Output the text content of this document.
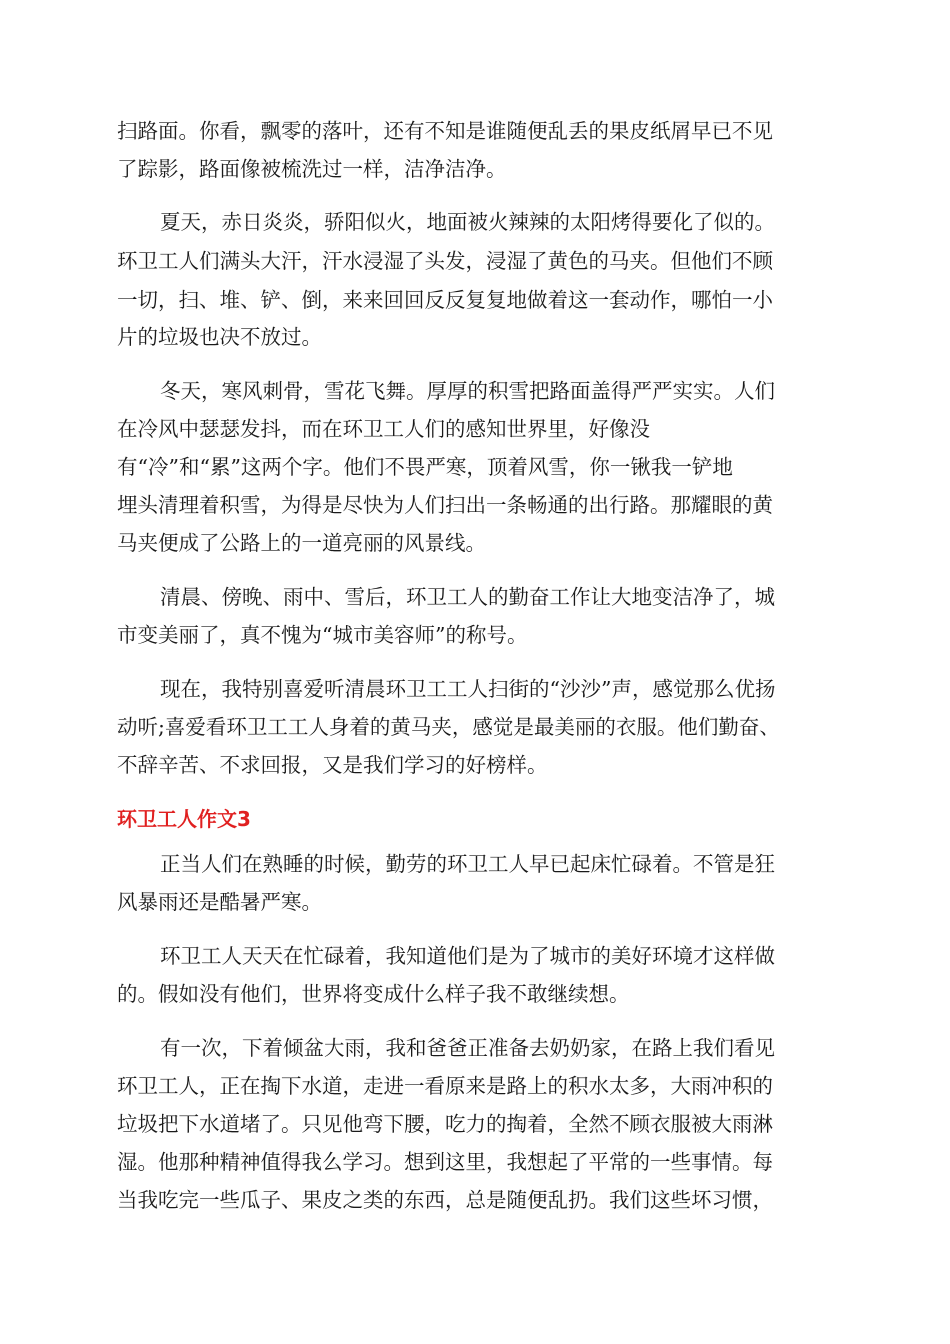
扫路面。你看，飘零的落叶，还有不知是谁随便乱丢的果皮纸屑早已不见
了踪影，路面像被梳洗过一样，洁净洁净。
夏天，赤日炎炎，骄阳似火，地面被火辣辣的太阳烤得要化了似的。
环卫工人们满头大汗，汗水浸湿了头发，浸湿了黄色的马夹。但他们不顾
一切，扫、堆、铲、倒，来来回回反反复复地做着这一套动作，哪怕一小
片的垃圾也决不放过。
冬天，寒风刺骨，雪花飞舞。厚厚的积雪把路面盖得严严实实。人们
在冷风中瑟瑟发抖，而在环卫工人们的感知世界里，好像没
有“冷”和“累”这两个字。他们不畏严寒，顶着风雪，你一锹我一铲地
埋头清理着积雪，为得是尽快为人们扫出一条畅通的出行路。那耀眼的黄
马夹便成了公路上的一道亮丽的风景线。
清晨、傍晚、雨中、雪后，环卫工人的勤奋工作让大地变洁净了，城
市变美丽了，真不愧为“城市美容师”的称号。
现在，我特别喜爱听清晨环卫工工人扫街的“沙沙”声，感觉那么优扬
动听;喜爱看环卫工工人身着的黄马夹，感觉是最美丽的衣服。他们勤奋、
不辞辛苦、不求回报，又是我们学习的好榜样。
环卫工人作文3
正当人们在熟睡的时候，勤劳的环卫工人早已起床忙碌着。不管是狂
风暴雨还是酷暑严寒。
环卫工人天天在忙碌着，我知道他们是为了城市的美好环境才这样做
的。假如没有他们，世界将变成什么样子我不敢继续想。
有一次，下着倾盆大雨，我和爸爸正准备去奶奶家，在路上我们看见
环卫工人，正在掏下水道，走进一看原来是路上的积水太多，大雨冲积的
垃圾把下水道堵了。只见他弯下腰，吃力的掏着，全然不顾衣服被大雨淋
湿。他那种精神值得我么学习。想到这里，我想起了平常的一些事情。每
当我吃完一些瓜子、果皮之类的东西，总是随便乱扔。我们这些坏习惯，
